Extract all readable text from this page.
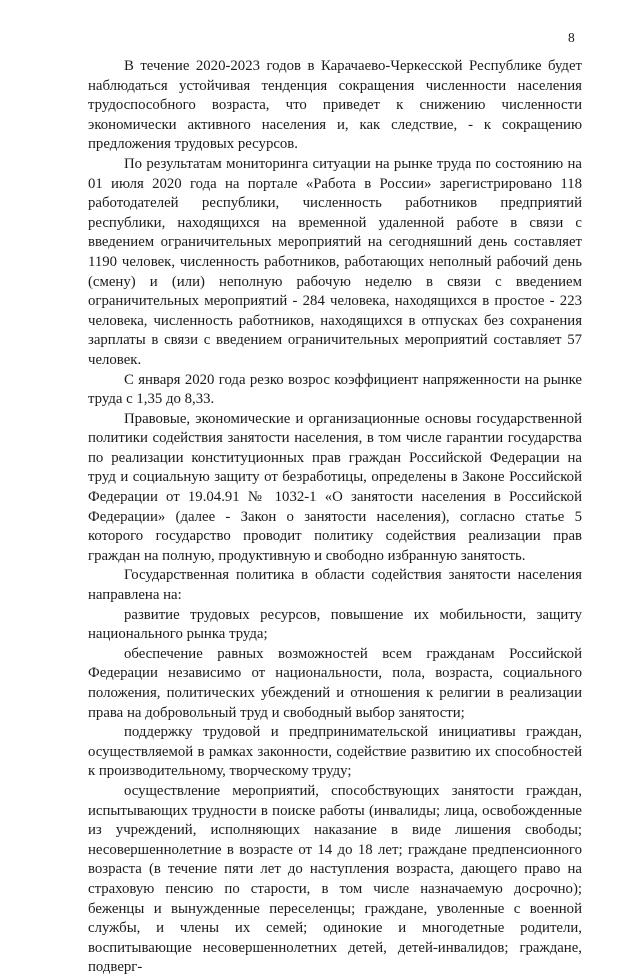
8

В течение 2020-2023 годов в Карачаево-Черкесской Республике будет наблюдаться устойчивая тенденция сокращения численности населения трудоспособного возраста, что приведет к снижению численности экономически активного населения и, как следствие, - к сокращению предложения трудовых ресурсов.

По результатам мониторинга ситуации на рынке труда по состоянию на 01 июля 2020 года на портале «Работа в России» зарегистрировано 118 работодателей республики, численность работников предприятий республики, находящихся на временной удаленной работе в связи с введением ограничительных мероприятий на сегодняшний день составляет 1190 человек, численность работников, работающих неполный рабочий день (смену) и (или) неполную рабочую неделю в связи с введением ограничительных мероприятий - 284 человека, находящихся в простое - 223 человека, численность работников, находящихся в отпусках без сохранения зарплаты в связи с введением ограничительных мероприятий составляет 57 человек.

С января 2020 года резко возрос коэффициент напряженности на рынке труда с 1,35 до 8,33.

Правовые, экономические и организационные основы государственной политики содействия занятости населения, в том числе гарантии государства по реализации конституционных прав граждан Российской Федерации на труд и социальную защиту от безработицы, определены в Законе Российской Федерации от 19.04.91 № 1032-1 «О занятости населения в Российской Федерации» (далее - Закон о занятости населения), согласно статье 5 которого государство проводит политику содействия реализации прав граждан на полную, продуктивную и свободно избранную занятость.

Государственная политика в области содействия занятости населения направлена на:

развитие трудовых ресурсов, повышение их мобильности, защиту национального рынка труда;

обеспечение равных возможностей всем гражданам Российской Федерации независимо от национальности, пола, возраста, социального положения, политических убеждений и отношения к религии в реализации права на добровольный труд и свободный выбор занятости;

поддержку трудовой и предпринимательской инициативы граждан, осуществляемой в рамках законности, содействие развитию их способностей к производительному, творческому труду;

осуществление мероприятий, способствующих занятости граждан, испытывающих трудности в поиске работы (инвалиды; лица, освобожденные из учреждений, исполняющих наказание в виде лишения свободы; несовершеннолетние в возрасте от 14 до 18 лет; граждане предпенсионного возраста (в течение пяти лет до наступления возраста, дающего право на страховую пенсию по старости, в том числе назначаемую досрочно); беженцы и вынужденные переселенцы; граждане, уволенные с военной службы, и члены их семей; одинокие и многодетные родители, воспитывающие несовершеннолетних детей, детей-инвалидов; граждане, подверг-
